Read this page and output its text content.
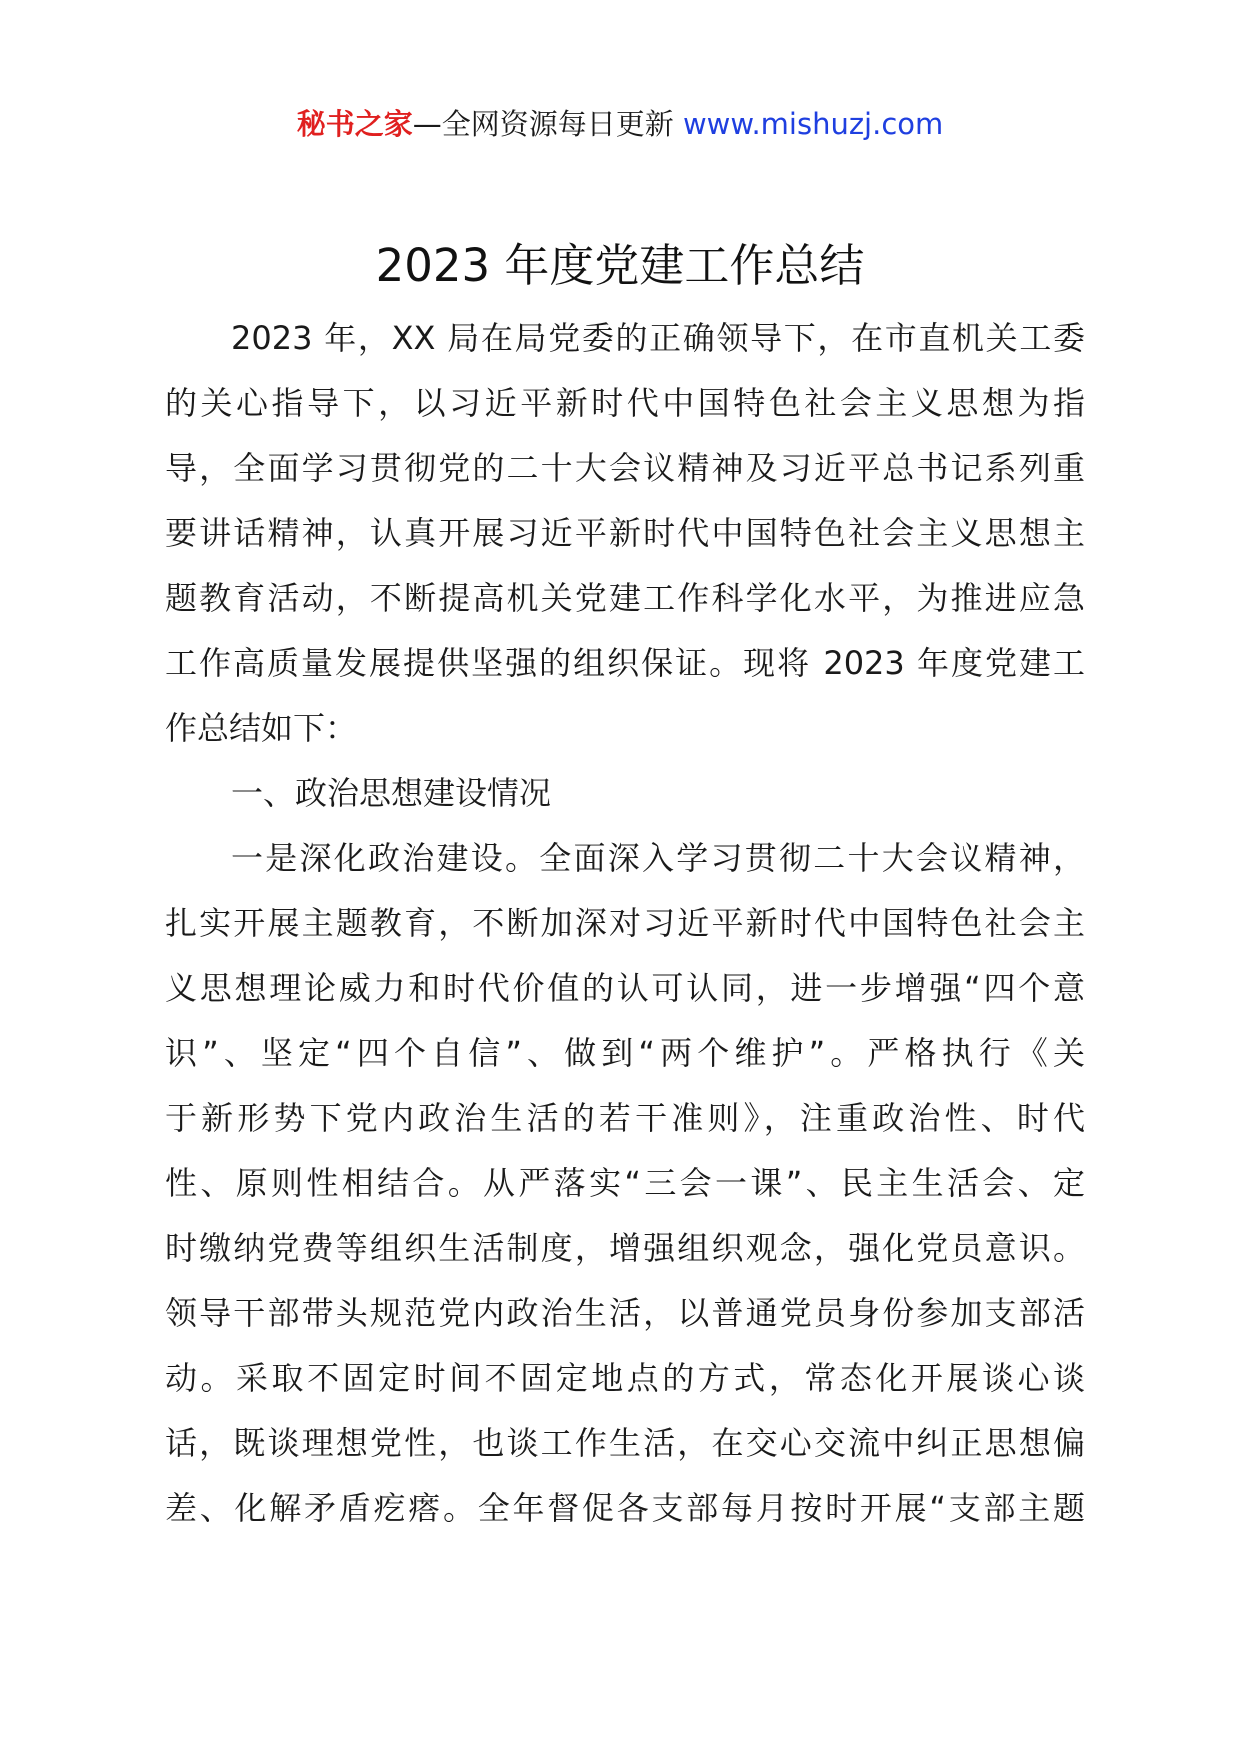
秘书之家—全网资源每日更新 www.mishuzj.com
2023 年度党建工作总结
2023 年，XX 局在局党委的正确领导下，在市直机关工委
的关心指导下，以习近平新时代中国特色社会主义思想为指
导，全面学习贯彻党的二十大会议精神及习近平总书记系列重
要讲话精神，认真开展习近平新时代中国特色社会主义思想主
题教育活动，不断提高机关党建工作科学化水平，为推进应急
工作高质量发展提供坚强的组织保证。现将 2023 年度党建工
作总结如下：
一、政治思想建设情况
一是深化政治建设。全面深入学习贯彻二十大会议精神，
扎实开展主题教育，不断加深对习近平新时代中国特色社会主
义思想理论威力和时代价值的认可认同，进一步增强“四个意
识”、坚定“四个自信”、做到“两个维护”。严格执行《关
于新形势下党内政治生活的若干准则》，注重政治性、时代
性、原则性相结合。从严落实“三会一课”、民主生活会、定
时缴纳党费等组织生活制度，增强组织观念，强化党员意识。
领导干部带头规范党内政治生活，以普通党员身份参加支部活
动。采取不固定时间不固定地点的方式，常态化开展谈心谈
话，既谈理想党性，也谈工作生活，在交心交流中纠正思想偏
差、化解矛盾疙瘩。全年督促各支部每月按时开展“支部主题
